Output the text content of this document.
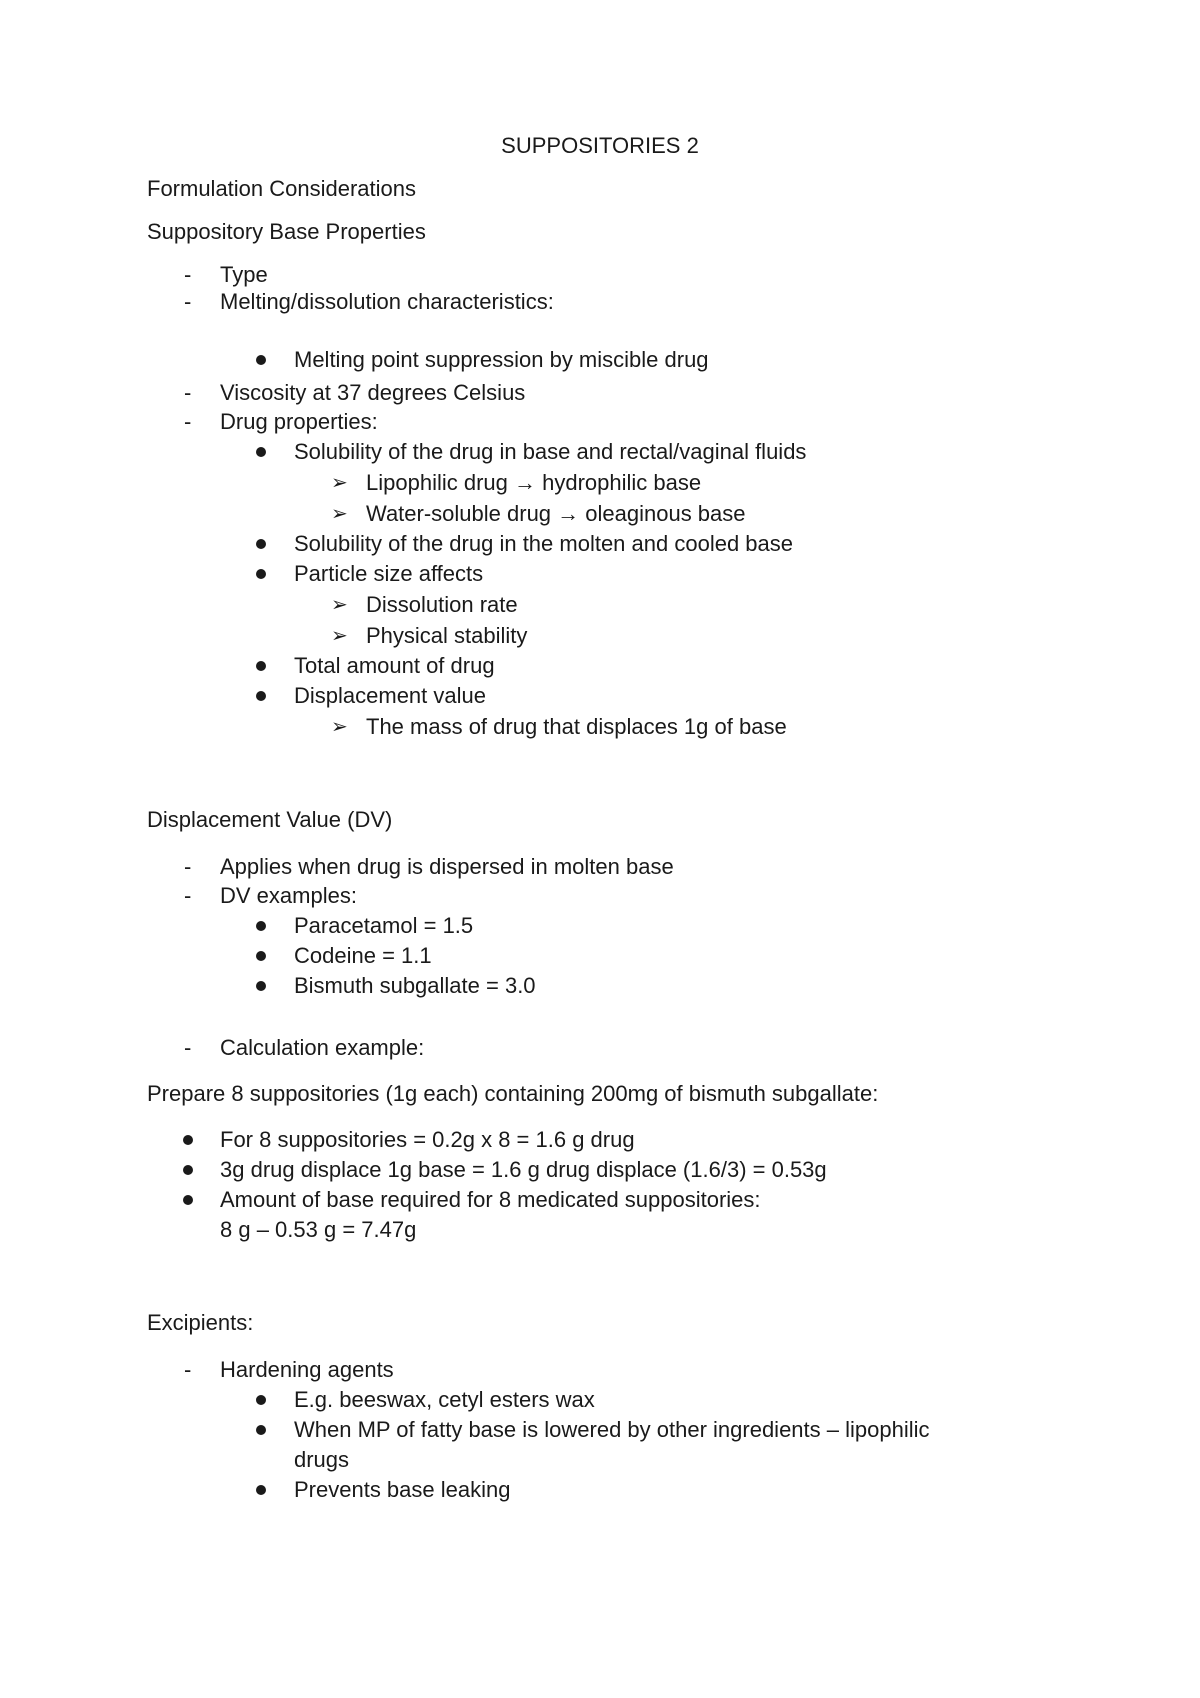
SUPPOSITORIES 2
Formulation Considerations
Suppository Base Properties
-	Type
-	Melting/dissolution characteristics:
Melting point suppression by miscible drug
-	Viscosity at 37 degrees Celsius
-	Drug properties:
Solubility of the drug in base and rectal/vaginal fluids
➢ Lipophilic drug → hydrophilic base
➢ Water-soluble drug → oleaginous base
Solubility of the drug in the molten and cooled base
Particle size affects
➢ Dissolution rate
➢ Physical stability
Total amount of drug
Displacement value
➢ The mass of drug that displaces 1g of base
Displacement Value (DV)
-	Applies when drug is dispersed in molten base
-	DV examples:
Paracetamol = 1.5
Codeine = 1.1
Bismuth subgallate = 3.0
-	Calculation example:
Prepare 8 suppositories (1g each) containing 200mg of bismuth subgallate:
For 8 suppositories = 0.2g x 8 = 1.6 g drug
3g drug displace 1g base = 1.6 g drug displace (1.6/3) = 0.53g
Amount of base required for 8 medicated suppositories:
8 g – 0.53 g = 7.47g
Excipients:
-	Hardening agents
E.g. beeswax, cetyl esters wax
When MP of fatty base is lowered by other ingredients – lipophilic
drugs
Prevents base leaking
